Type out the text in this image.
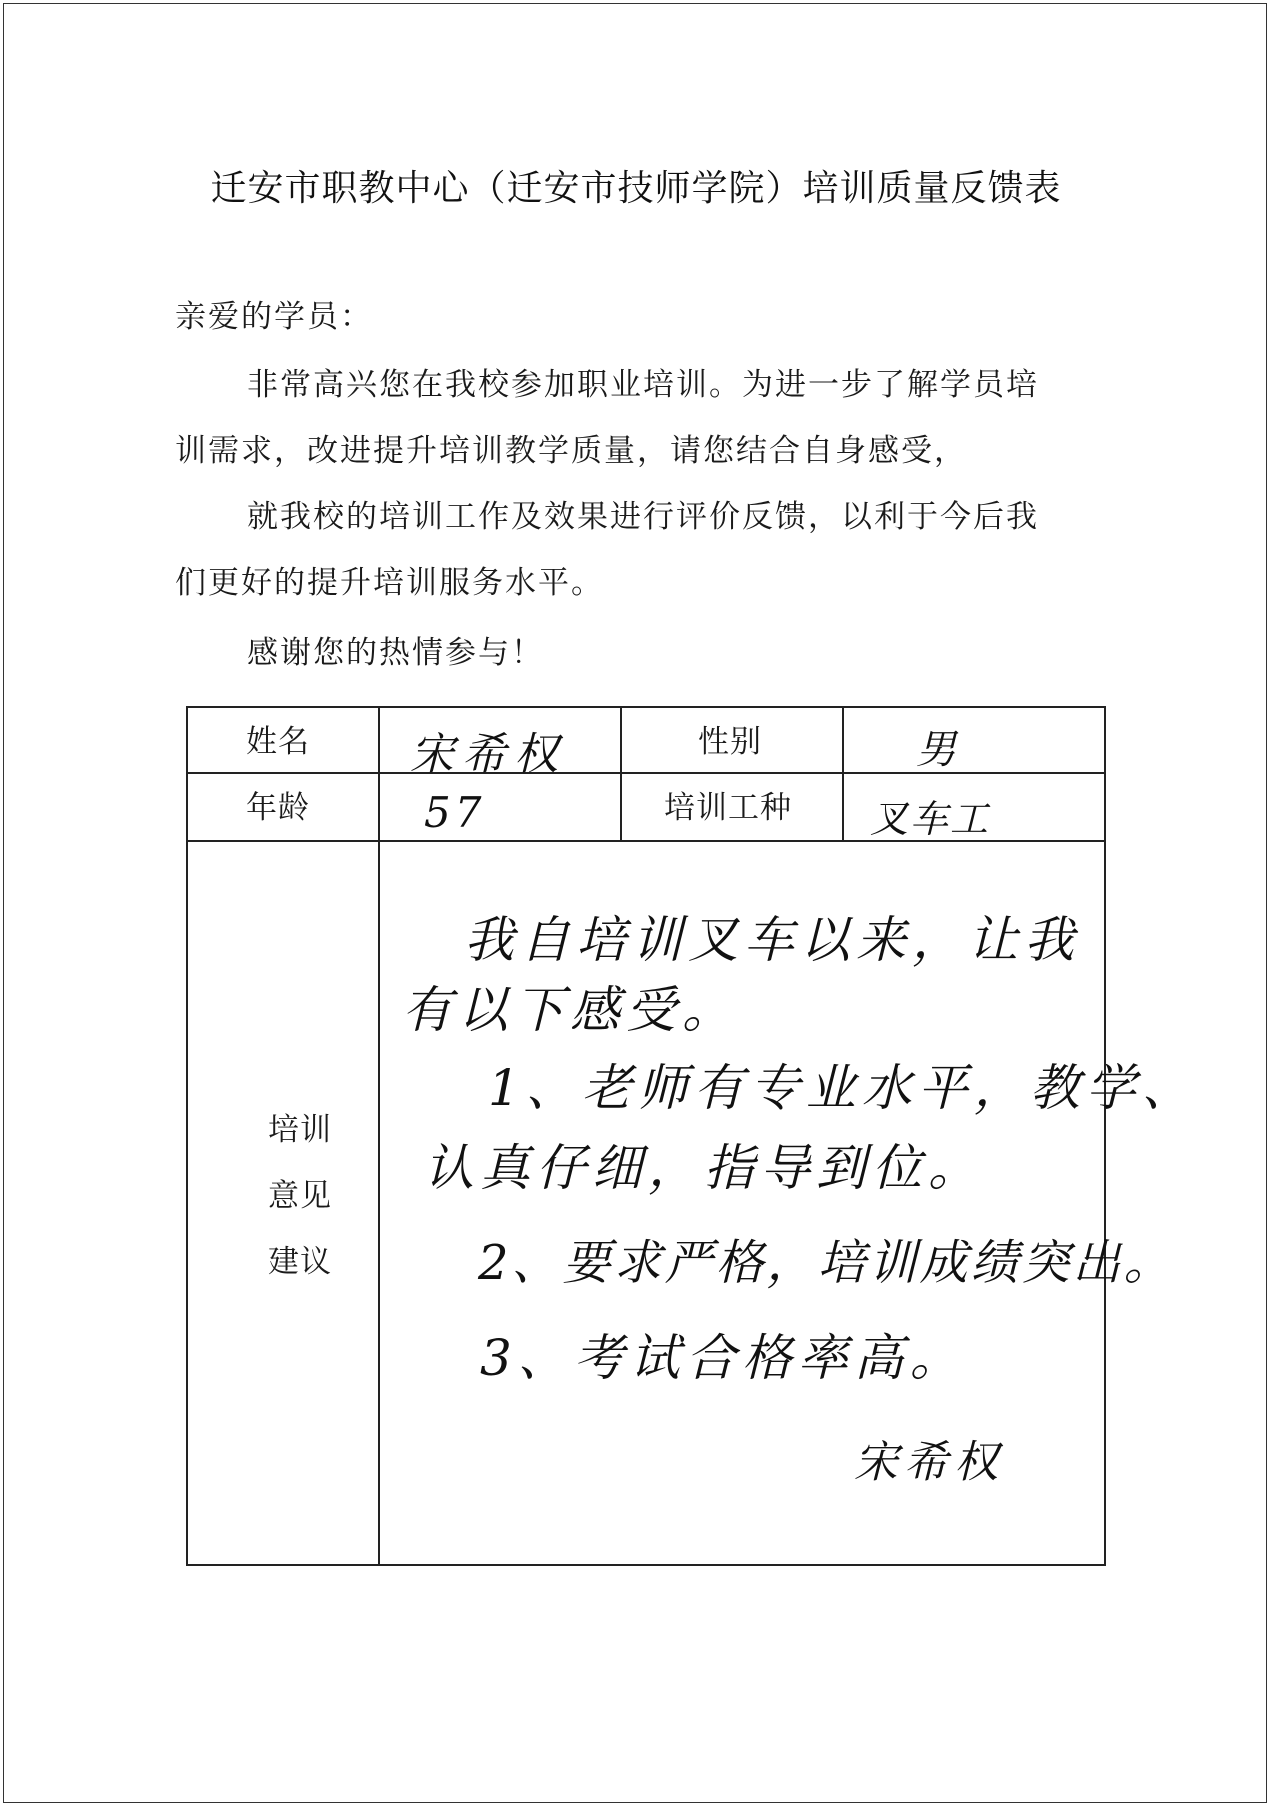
迁安市职教中心（迁安市技师学院）培训质量反馈表
亲爱的学员：

非常高兴您在我校参加职业培训。为进一步了解学员培

训需求，改进提升培训教学质量，请您结合自身感受，

就我校的培训工作及效果进行评价反馈，以利于今后我

们更好的提升培训服务水平。

感谢您的热情参与！
姓名 宋希权	性别	男
年龄	57	培训工种 叉车工
培训
意见
建议
我自培训叉车以来，让我
有以下感受。
1、老师有专业水平，教学、
认真仔细，指导到位。
2、要求严格，培训成绩突出。
3、考试合格率高。
宋希权
